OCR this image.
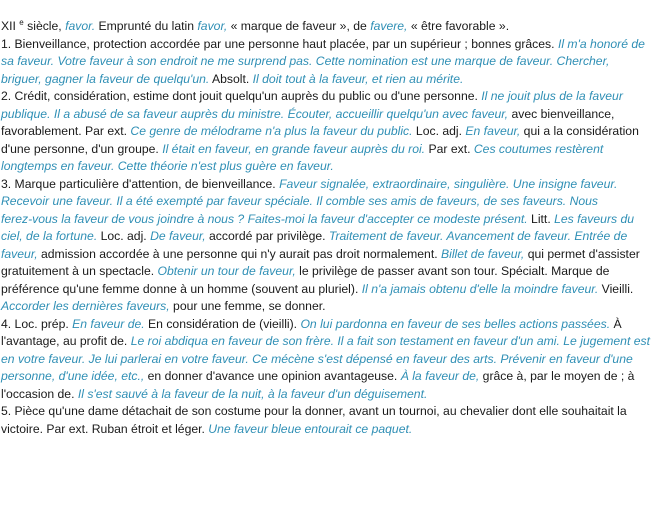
XII $^e$ siècle, favor. Emprunté du latin favor, « marque de faveur », de favere, « être favorable ».
1. Bienveillance, protection accordée par une personne haut placée, par un supérieur ; bonnes grâces. Il m'a honoré de
sa faveur. Votre faveur à son endroit ne me surprend pas. Cette nomination est une marque de faveur. Chercher,
briguer, gagner la faveur de quelqu'un. Absolt. Il doit tout à la faveur, et rien au mérite.
2. Crédit, considération, estime dont jouit quelqu'un auprès du public ou d'une personne. Il ne jouit plus de la faveur
publique. Il a abusé de sa faveur auprès du ministre. Écouter, accueillir quelqu'un avec faveur, avec bienveillance,
favorablement. Par ext. Ce genre de mélodrame n'a plus la faveur du public. Loc. adj. En faveur, qui a la considération
d'une personne, d'un groupe. Il était en faveur, en grande faveur auprès du roi. Par ext. Ces coutumes restèrent
longtemps en faveur. Cette théorie n'est plus guère en faveur.
3. Marque particulière d'attention, de bienveillance. Faveur signalée, extraordinaire, singulière. Une insigne faveur.
Recevoir une faveur. Il a été exempté par faveur spéciale. Il comble ses amis de faveurs, de ses faveurs. Nous
ferez-vous la faveur de vous joindre à nous ? Faites-moi la faveur d'accepter ce modeste présent. Litt. Les faveurs du
ciel, de la fortune. Loc. adj. De faveur, accordé par privilège. Traitement de faveur. Avancement de faveur. Entrée de
faveur, admission accordée à une personne qui n'y aurait pas droit normalement. Billet de faveur, qui permet d'assister
gratuitement à un spectacle. Obtenir un tour de faveur, le privilège de passer avant son tour. Spécialt. Marque de
préférence qu'une femme donne à un homme (souvent au pluriel). Il n'a jamais obtenu d'elle la moindre faveur. Vieilli.
Accorder les dernières faveurs, pour une femme, se donner.
4. Loc. prép. En faveur de. En considération de (vieilli). On lui pardonna en faveur de ses belles actions passées. À
l'avantage, au profit de. Le roi abdiqua en faveur de son frère. Il a fait son testament en faveur d'un ami. Le jugement est
en votre faveur. Je lui parlerai en votre faveur. Ce mécène s'est dépensé en faveur des arts. Prévenir en faveur d'une
personne, d'une idée, etc., en donner d'avance une opinion avantageuse. À la faveur de, grâce à, par le moyen de ; à
l'occasion de. Il s'est sauvé à la faveur de la nuit, à la faveur d'un déguisement.
5. Pièce qu'une dame détachait de son costume pour la donner, avant un tournoi, au chevalier dont elle souhaitait la
victoire. Par ext. Ruban étroit et léger. Une faveur bleue entourait ce paquet.
